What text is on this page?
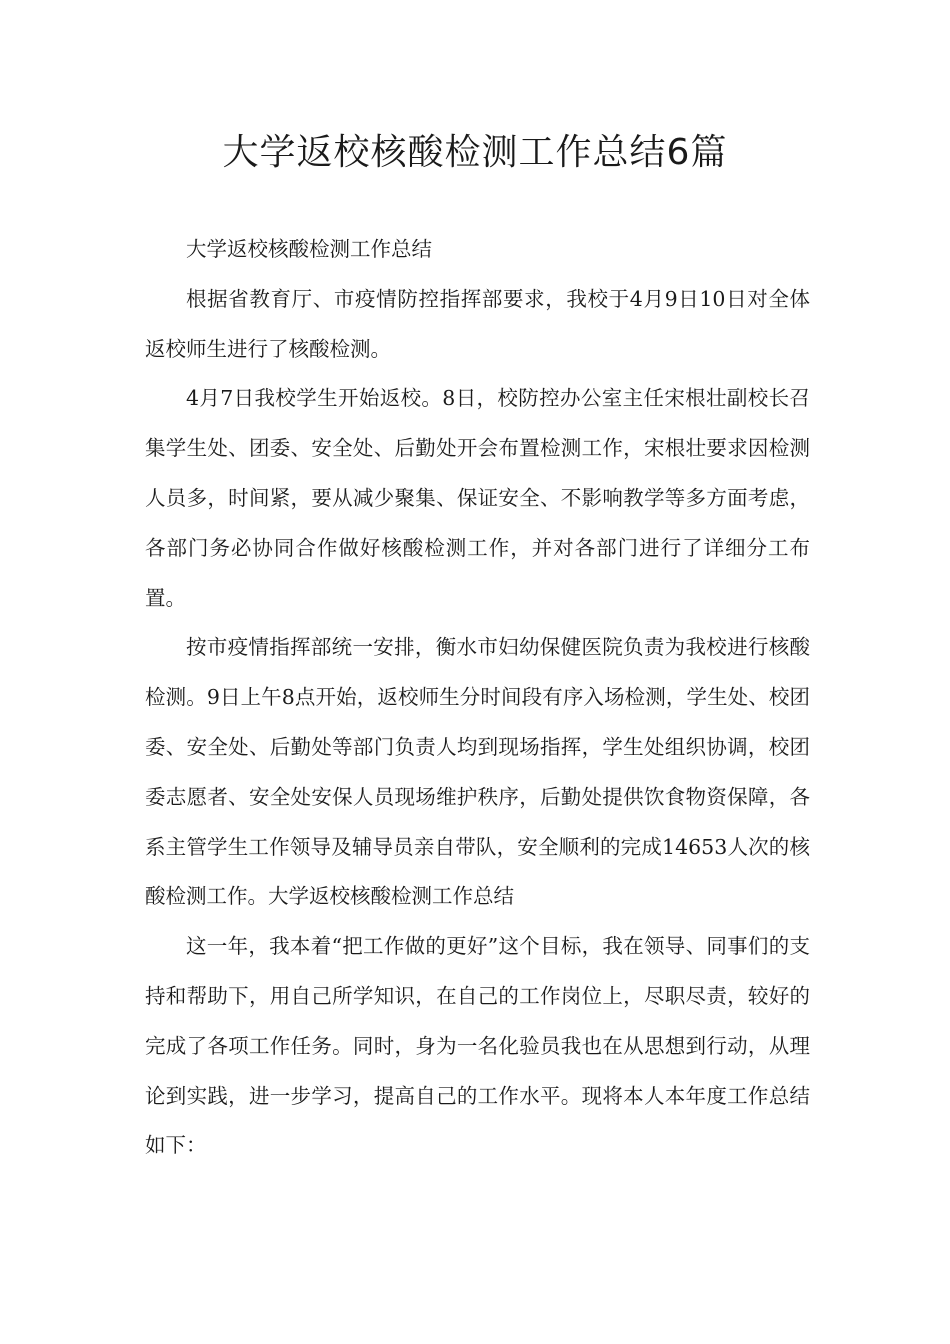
大学返校核酸检测工作总结6篇

大学返校核酸检测工作总结

根据省教育厅、市疫情防控指挥部要求，我校于4月9日10日对全体返校师生进行了核酸检测。

4月7日我校学生开始返校。8日，校防控办公室主任宋根壮副校长召集学生处、团委、安全处、后勤处开会布置检测工作，宋根壮要求因检测人员多，时间紧，要从减少聚集、保证安全、不影响教学等多方面考虑，各部门务必协同合作做好核酸检测工作，并对各部门进行了详细分工布置。

按市疫情指挥部统一安排，衡水市妇幼保健医院负责为我校进行核酸检测。9日上午8点开始，返校师生分时间段有序入场检测，学生处、校团委、安全处、后勤处等部门负责人均到现场指挥，学生处组织协调，校团委志愿者、安全处安保人员现场维护秩序，后勤处提供饮食物资保障，各系主管学生工作领导及辅导员亲自带队，安全顺利的完成14653人次的核酸检测工作。大学返校核酸检测工作总结

这一年，我本着“把工作做的更好”这个目标，我在领导、同事们的支持和帮助下，用自己所学知识，在自己的工作岗位上，尽职尽责，较好的完成了各项工作任务。同时，身为一名化验员我也在从思想到行动，从理论到实践，进一步学习，提高自己的工作水平。现将本人本年度工作总结如下：
